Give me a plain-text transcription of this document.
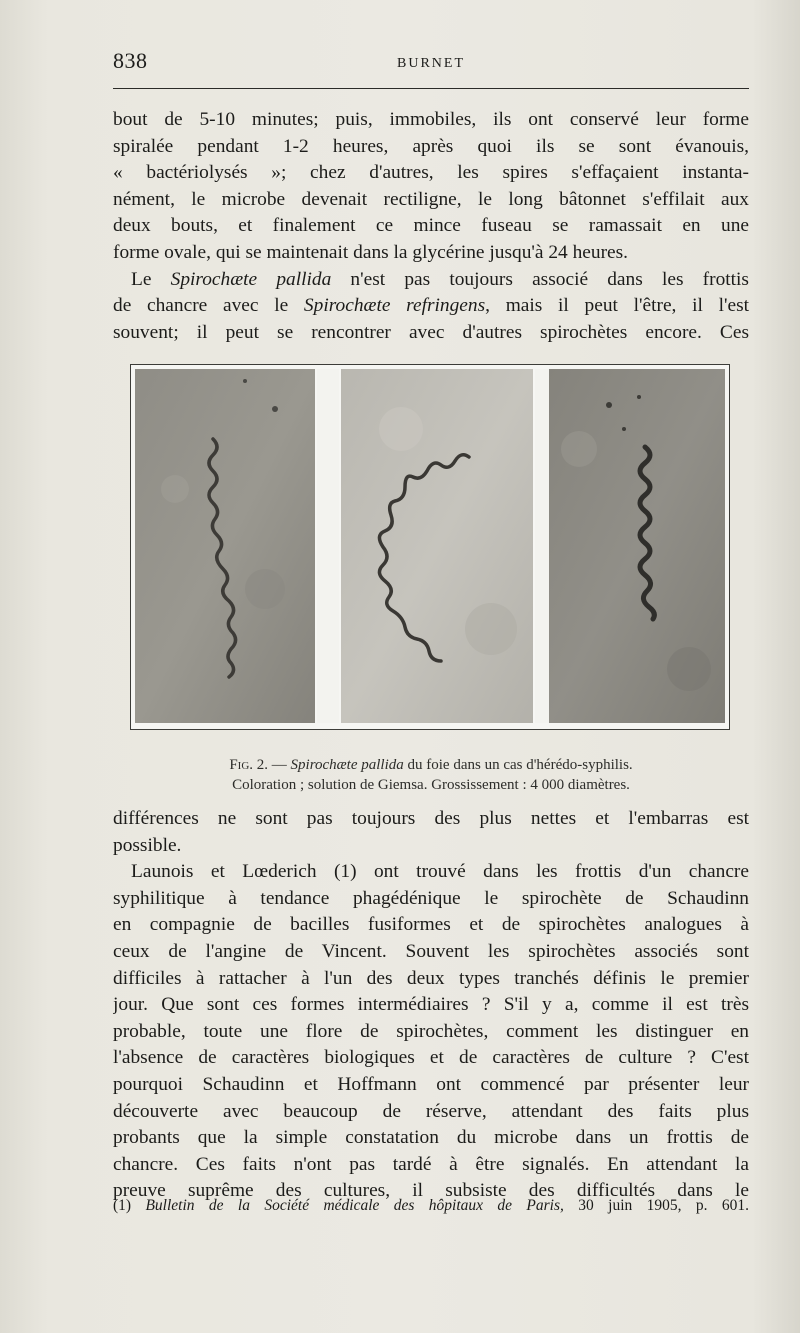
838	BURNET
bout de 5-10 minutes; puis, immobiles, ils ont conservé leur forme
spiralée pendant 1-2 heures, après quoi ils se sont évanouis,
« bactériolysés »; chez d'autres, les spires s'effaçaient instanta-
nément, le microbe devenait rectiligne, le long bâtonnet s'effilait aux
deux bouts, et finalement ce mince fuseau se ramassait en une
forme ovale, qui se maintenait dans la glycérine jusqu'à 24 heures.
Le Spirochæte pallida n'est pas toujours associé dans les frottis
de chancre avec le Spirochæte refringens, mais il peut l'être, il l'est
souvent; il peut se rencontrer avec d'autres spirochètes encore. Ces
Fig. 2. — Spirochæte pallida du foie dans un cas d'hérédo-syphilis.
Coloration ; solution de Giemsa. Grossissement : 4 000 diamètres.
différences ne sont pas toujours des plus nettes et l'embarras est
possible.
Launois et Lœderich (1) ont trouvé dans les frottis d'un chancre
syphilitique à tendance phagédénique le spirochète de Schaudinn
en compagnie de bacilles fusiformes et de spirochètes analogues à
ceux de l'angine de Vincent. Souvent les spirochètes associés sont
difficiles à rattacher à l'un des deux types tranchés définis le premier
jour. Que sont ces formes intermédiaires ? S'il y a, comme il est très
probable, toute une flore de spirochètes, comment les distinguer en
l'absence de caractères biologiques et de caractères de culture ? C'est
pourquoi Schaudinn et Hoffmann ont commencé par présenter leur
découverte avec beaucoup de réserve, attendant des faits plus
probants que la simple constatation du microbe dans un frottis de
chancre. Ces faits n'ont pas tardé à être signalés. En attendant la
preuve suprême des cultures, il subsiste des difficultés dans le
(1) Bulletin de la Société médicale des hôpitaux de Paris, 30 juin 1905, p. 601.
